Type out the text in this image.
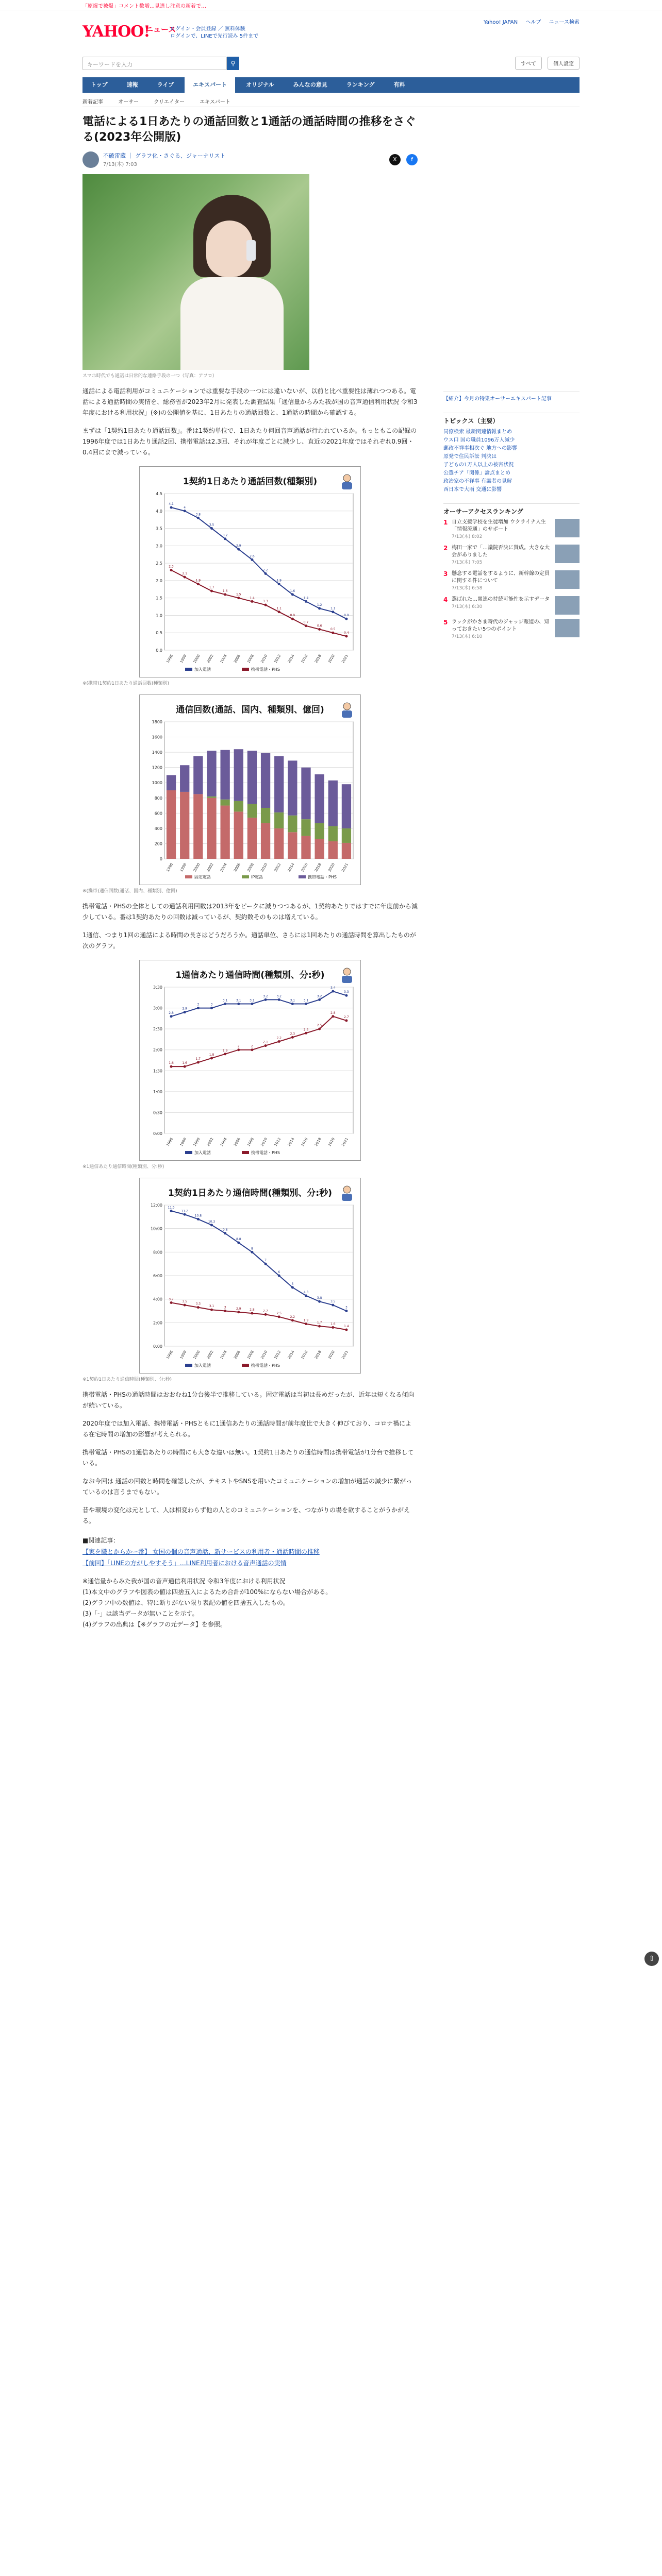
「原爆で被爆」コメント数増…見逃し注意の新着で…
YAHOO!
ニュース
ログイン・会員登録 ／ 無料体験
ログインで、LINEで先行読み 5件まで
Yahoo! JAPAN ヘルプ ニュース検索
キーワードを入力	⚲	すべて	個人設定
トップ	速報	ライブ	エキスパート	オリジナル	みんなの意見	ランキング	有料
新着記事	オーサー	クリエイター	エキスパート
電話による1日あたりの通話回数と1通話の通話時間の推移をさぐる(2023年公開版)
不破雷蔵 ｜ グラフ化・さぐる、ジャーナリスト
7/13(木) 7:03
X f
スマホ時代でも通話は日常的な連絡手段の一つ（写真：アフロ）

通話による電話利用がコミュニケーションでは重要な手段の一つには違いないが、以前と比べ重要性は薄れつつある。電話による通話時間の実情を、総務省が2023年2月に発表した調査結果「通信量からみた我が国の音声通信利用状況 令和3年度における利用状況」(※)の公開値を基に、1日あたりの通話回数と、1通話の時間から確認する。

まずは「1契約1日あたり通話回数」。番は1契約単位で、1日あたり何回音声通話が行われているか。もっともこの記録の1996年度では1日あたり通話2回、携帯電話は2.3回、それが年度ごとに減少し、直近の2021年度ではそれぞれ0.9回・0.4回にまで減っている。

1契約1日あたり通話回数(種類別)
0.0
0.5
1.0
1.5
2.0
2.5
3.0
3.5
4.0
4.5
1996 1998 2000 2002 2004 2006 2008 2010 2012 2014 2016 2018 2020 2021
4.1
4
3.8
3.5
3.2
2.9
2.6
2.2
1.9
1.6
1.4
1.2
1.1
0.9
2.3
2.1
1.9
1.7
1.6
1.5
1.4
1.3
1.1
0.9
0.7
0.6
0.5
0.4
加入電話	携帯電話・PHS
※(携帯)1契約1日あたり通話回数(種類別)
通信回数(通話、国内、種類別、億回)
0
200
400
600
800
1000
1200
1400
1600
1800
1996 1998 2000 2002 2004 2006 2008 2010 2012 2014 2016 2018 2020 2021
固定電話	IP電話	携帯電話・PHS
※(携帯)通信回数(通話、国内、種類別、億回)

携帯電話・PHSの全体としての通話利用回数は2013年をピークに減りつつあるが、1契約あたりではすでに年度前から減少している。番は1契約あたりの回数は減っているが、契約数そのものは増えている。

1通信、つまり1回の通話による時間の長さはどうだろうか。通話単位、さらには1回あたりの通話時間を算出したものが次のグラフ。

1通信あたり通信時間(種類別、分:秒)
0:00
0:30
1:00
1:30
2:00
2:30
3:00
3:30
1996 1998 2000 2002 2004 2006 2008 2010 2012 2014 2016 2018 2020 2021
2.8
2.9
3	3
3.1	3.1	3.1
3.2	3.2
3.1	3.1
3.2
3.4
3.3
1.6	1.6
1.7
1.8
1.9
2	2
2.1
2.2
2.3
2.4
2.5
2.8
2.7
加入電話	携帯電話・PHS
※1通信あたり通信時間(種類別、分:秒)
1契約1日あたり通信時間(種類別、分:秒)
0:00
2:00
4:00
6:00
8:00
10:00
12:00
1996 1998 2000 2002 2004 2006 2008 2010 2012 2014 2016 2018 2020 2021
11.5
11.2
10.8
10.3
9.6
8.8
8
7
6
5
4.3
3.8
3.5
3
3.7
3.5
3.3
3.1	3	2.9	2.8	2.7
2.5
2.2
1.9
1.7	1.6
1.4
加入電話	携帯電話・PHS
※1契約1日あたり通信時間(種類別、分:秒)

携帯電話・PHSの通話時間はおおむね1分台後半で推移している。固定電話は当初は長めだったが、近年は短くなる傾向が続いている。

2020年度では加入電話、携帯電話・PHSともに1通信あたりの通話時間が前年度比で大きく伸びており、コロナ禍による在宅時間の増加の影響が考えられる。

携帯電話・PHSの1通信あたりの時間にも大きな違いは無い。1契約1日あたりの通信時間は携帯電話が1分台で推移している。

なお今回は 通話の回数と時間を確認したが、テキストやSNSを用いたコミュニケーションの増加が通話の減少に繋がっているのは言うまでもない。

昔や環境の変化は元として、人は相変わらず他の人とのコミュニケーションを、つながりの場を欲することがうかがえる。

■関連記事：
【家を職とからかー番】 女国の個の音声通話、新サービスの利用者・通話時間の推移
【前回】「LINEの方がしやすそう」…LINE利用者における音声通話の実情
※通信量からみた我が国の音声通信利用状況 令和3年度における利用状況
(1)本文中のグラフや図表の値は四捨五入によるため合計が100%にならない場合がある。
(2)グラフ中の数値は、特に断りがない限り表記の値を四捨五入したもの。
(3)「‐」は該当データが無いことを示す。
(4)グラフの出典は【※グラフの元データ】を参照。
【紹介】今月の特集オーサーエキスパート記事
トピックス（主要）
同僚検索 最新関連情報まとめ
ウス口 国の職員1096万人減少
郵政不祥事相次ぐ 地方への影響
原発で住民訴訟 判決は
子どもの1万人以上の被害状況
公選チア「関係」論点まとめ
政治家の不祥事 有識者の見解
西日本で大雨 交通に影響
オーサーアクセスランキング
1 自立支援学校を生徒増加 ウクライナ人生「情報流通」のサポート
7/13(木) 8:02
2 梅田一家で「…議院否決に賛成。大きな大会がありました
7/13(木) 7:05
3 懸念する電話をするように、新幹線の定員に関する件について
7/13(木) 6:58
4 選ばれた…関連の持続可能性を示すデータ
7/13(木) 6:30
5 ラックがかさま時代のジャッジ報道の、知っておきたい5つのポイント
7/13(木) 6:10
⇧
